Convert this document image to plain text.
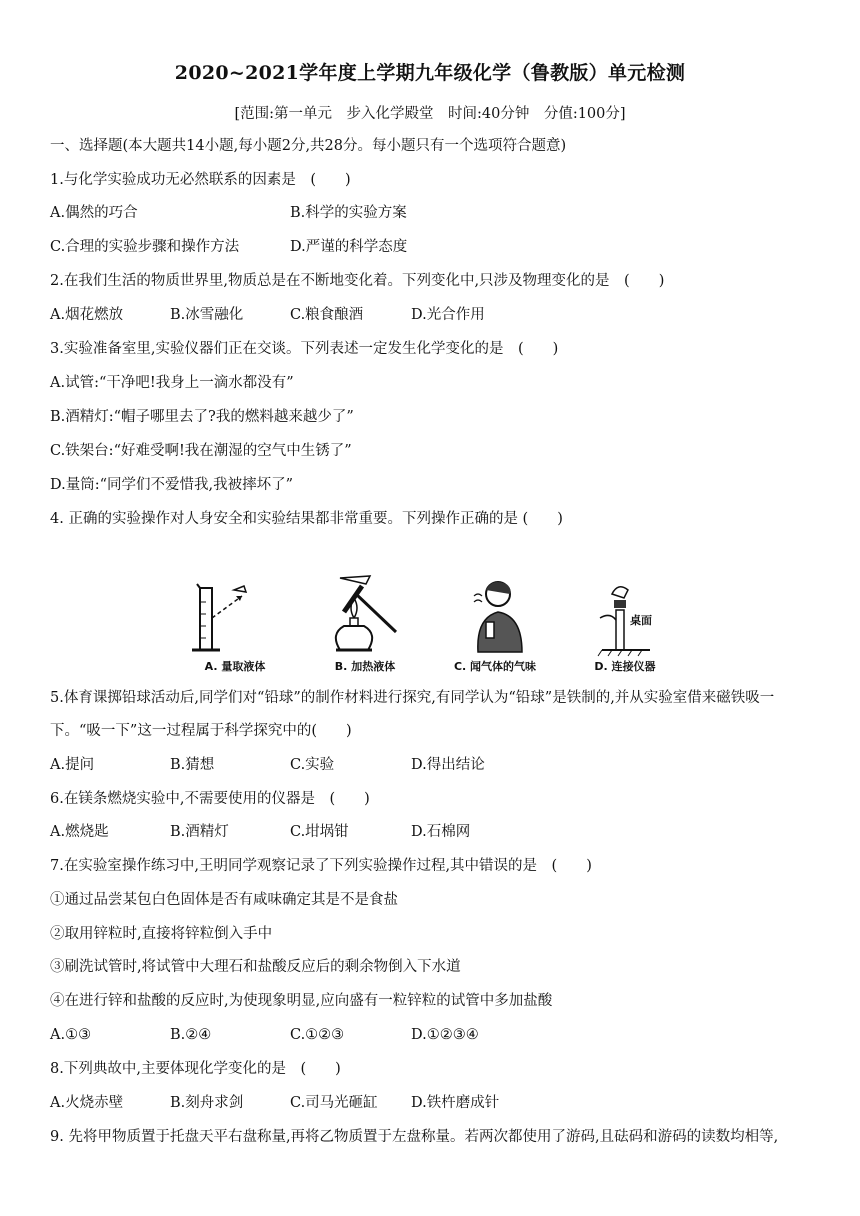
2020~2021学年度上学期九年级化学（鲁教版）单元检测
[范围:第一单元　步入化学殿堂　时间:40分钟　分值:100分]
一、选择题(本大题共14小题,每小题2分,共28分。每小题只有一个选项符合题意)
1.与化学实验成功无必然联系的因素是　(　　)
A.偶然的巧合	B.科学的实验方案
C.合理的实验步骤和操作方法	D.严谨的科学态度
2.在我们生活的物质世界里,物质总是在不断地变化着。下列变化中,只涉及物理变化的是　(　　)
A.烟花燃放	B.冰雪融化	C.粮食酿酒	D.光合作用
3.实验准备室里,实验仪器们正在交谈。下列表述一定发生化学变化的是　(　　)
A.试管:“干净吧!我身上一滴水都没有”
B.酒精灯:“帽子哪里去了?我的燃料越来越少了”
C.铁架台:“好难受啊!我在潮湿的空气中生锈了”
D.量筒:“同学们不爱惜我,我被摔坏了”
4. 正确的实验操作对人身安全和实验结果都非常重要。下列操作正确的是 (　　)
A. 量取液体	B. 加热液体	C. 闻气体的气味
桌面
D. 连接仪器
5.体育课掷铅球活动后,同学们对“铅球”的制作材料进行探究,有同学认为“铅球”是铁制的,并从实验室借来磁铁吸一
下。“吸一下”这一过程属于科学探究中的(　　)
A.提问	B.猜想	C.实验	D.得出结论
6.在镁条燃烧实验中,不需要使用的仪器是　(　　)
A.燃烧匙	B.酒精灯	C.坩埚钳	D.石棉网
7.在实验室操作练习中,王明同学观察记录了下列实验操作过程,其中错误的是　(　　)
①通过品尝某包白色固体是否有咸味确定其是不是食盐
②取用锌粒时,直接将锌粒倒入手中
③刷洗试管时,将试管中大理石和盐酸反应后的剩余物倒入下水道
④在进行锌和盐酸的反应时,为使现象明显,应向盛有一粒锌粒的试管中多加盐酸
A.①③	B.②④	C.①②③	D.①②③④
8.下列典故中,主要体现化学变化的是　(　　)
A.火烧赤壁	B.刻舟求剑	C.司马光砸缸 D.铁杵磨成针
9. 先将甲物质置于托盘天平右盘称量,再将乙物质置于左盘称量。若两次都使用了游码,且砝码和游码的读数均相等,
